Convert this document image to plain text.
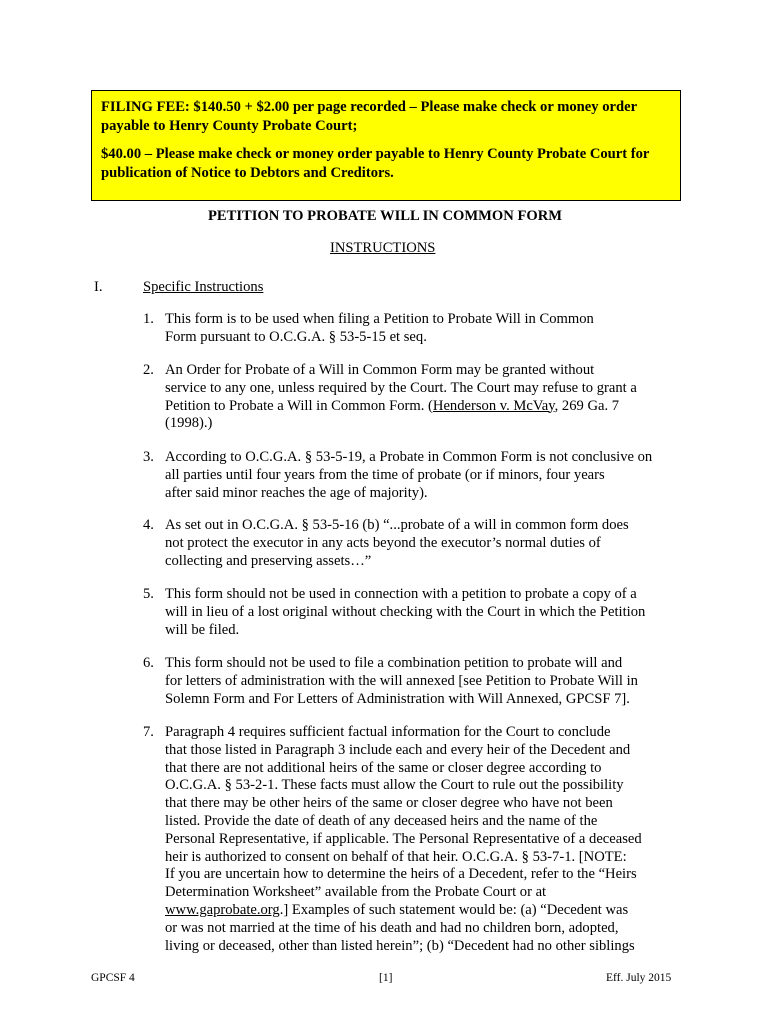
FILING FEE: $140.50 + $2.00 per page recorded – Please make check or money order
payable to Henry County Probate Court;

$40.00 – Please make check or money order payable to Henry County Probate Court for
publication of Notice to Debtors and Creditors.

PETITION TO PROBATE WILL IN COMMON FORM
INSTRUCTIONS
I.	Specific Instructions
1. This form is to be used when filing a Petition to Probate Will in Common
Form pursuant to O.C.G.A. § 53-5-15 et seq.
2. An Order for Probate of a Will in Common Form may be granted without
service to any one, unless required by the Court. The Court may refuse to grant a
Petition to Probate a Will in Common Form. (Henderson v. McVay, 269 Ga. 7
(1998).)
3. According to O.C.G.A. § 53-5-19, a Probate in Common Form is not conclusive on
all parties until four years from the time of probate (or if minors, four years
after said minor reaches the age of majority).
4. As set out in O.C.G.A. § 53-5-16 (b) “...probate of a will in common form does
not protect the executor in any acts beyond the executor’s normal duties of
collecting and preserving assets…”
5. This form should not be used in connection with a petition to probate a copy of a
will in lieu of a lost original without checking with the Court in which the Petition
will be filed.
6. This form should not be used to file a combination petition to probate will and
for letters of administration with the will annexed [see Petition to Probate Will in
Solemn Form and For Letters of Administration with Will Annexed, GPCSF 7].
7. Paragraph 4 requires sufficient factual information for the Court to conclude
that those listed in Paragraph 3 include each and every heir of the Decedent and
that there are not additional heirs of the same or closer degree according to
O.C.G.A. § 53-2-1. These facts must allow the Court to rule out the possibility
that there may be other heirs of the same or closer degree who have not been
listed. Provide the date of death of any deceased heirs and the name of the
Personal Representative, if applicable. The Personal Representative of a deceased
heir is authorized to consent on behalf of that heir. O.C.G.A. § 53-7-1. [NOTE:
If you are uncertain how to determine the heirs of a Decedent, refer to the “Heirs
Determination Worksheet” available from the Probate Court or at
www.gaprobate.org.] Examples of such statement would be: (a) “Decedent was
or was not married at the time of his death and had no children born, adopted,
living or deceased, other than listed herein”; (b) “Decedent had no other siblings
GPCSF 4	[1]	Eff. July 2015
